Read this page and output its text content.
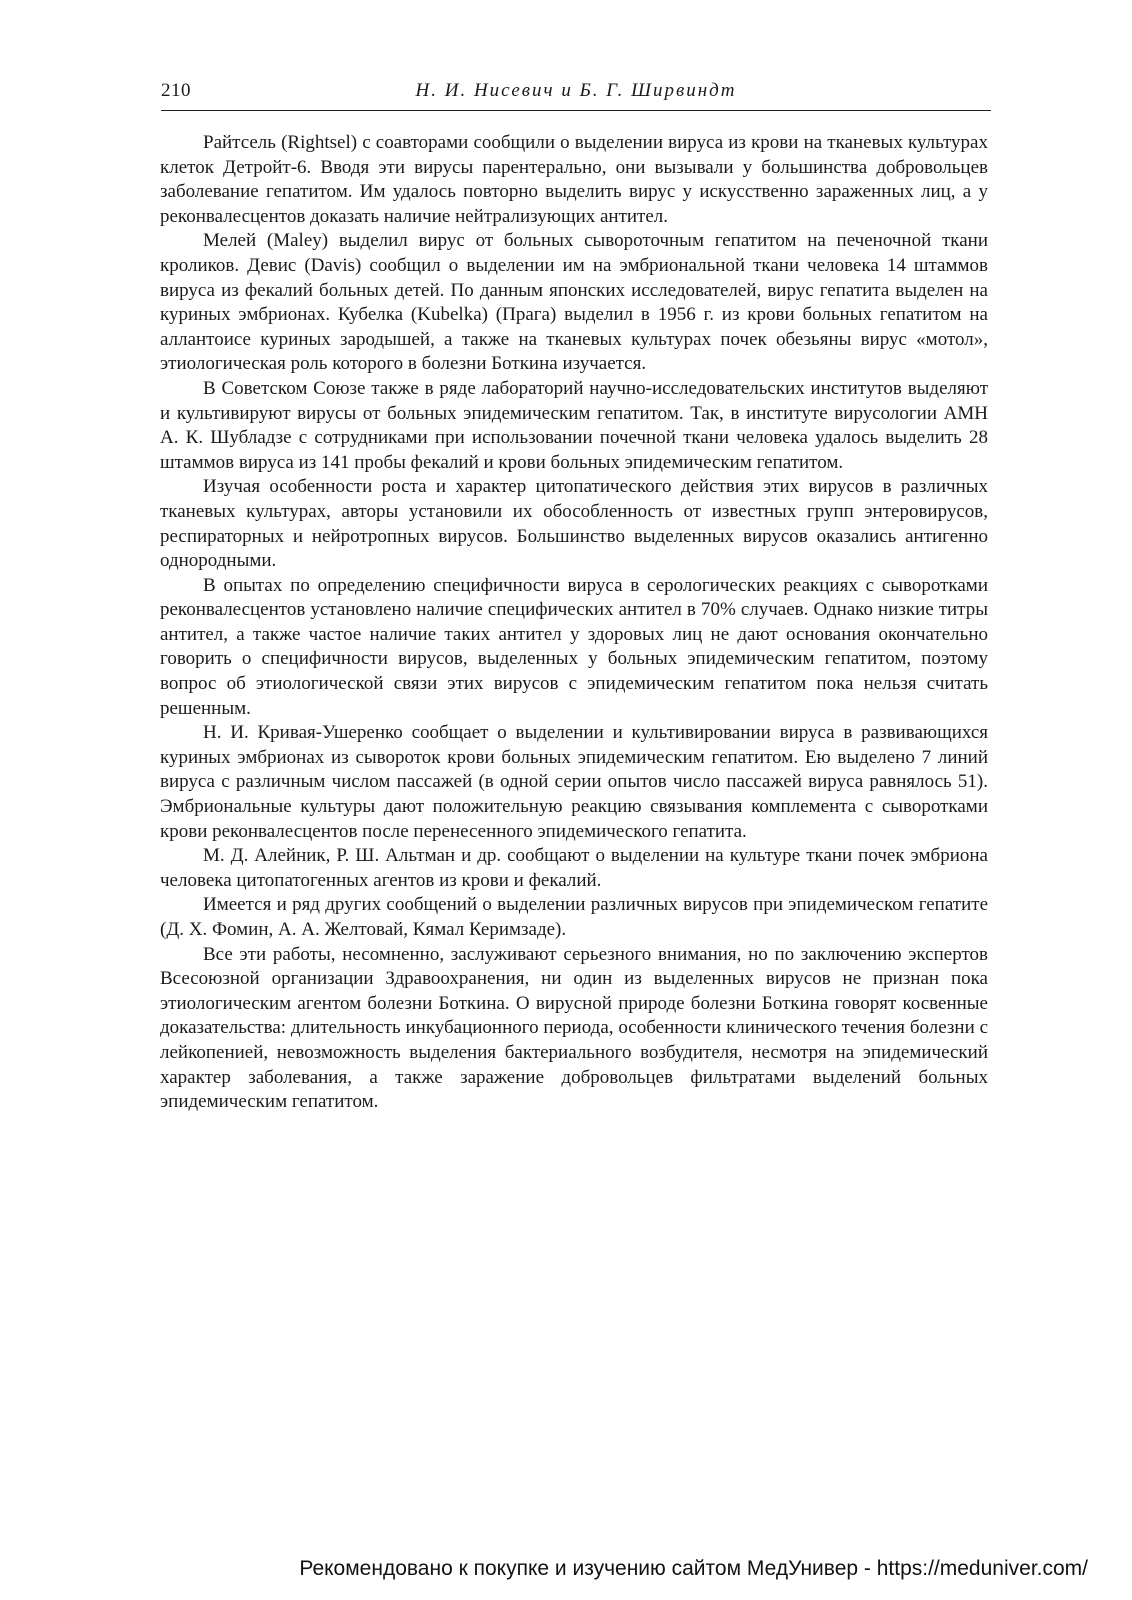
210	Н. И. Нисевич и Б. Г. Ширвиндт

Райтсель (Rightsel) с соавторами сообщили о выделении вируса из крови на тканевых культурах клеток Детройт-6. Вводя эти вирусы парентерально, они вызывали у большинства добровольцев заболевание гепатитом. Им удалось повторно выделить вирус у искусственно зараженных лиц, а у реконвалесцентов доказать наличие нейтрализующих антител.

Мелей (Maley) выделил вирус от больных сывороточным гепатитом на печеночной ткани кроликов. Девис (Davis) сообщил о выделении им на эмбриональной ткани человека 14 штаммов вируса из фекалий больных детей. По данным японских исследователей, вирус гепатита выделен на куриных эмбрионах. Кубелка (Kubelka) (Прага) выделил в 1956 г. из крови больных гепатитом на аллантоисе куриных зародышей, а также на тканевых культурах почек обезьяны вирус «мотол», этиологическая роль которого в болезни Боткина изучается.

В Советском Союзе также в ряде лабораторий научно-исследовательских институтов выделяют и культивируют вирусы от больных эпидемическим гепатитом. Так, в институте вирусологии АМН А. К. Шубладзе с сотрудниками при использовании почечной ткани человека удалось выделить 28 штаммов вируса из 141 пробы фекалий и крови больных эпидемическим гепатитом.

Изучая особенности роста и характер цитопатического действия этих вирусов в различных тканевых культурах, авторы установили их обособленность от известных групп энтеровирусов, респираторных и нейротропных вирусов. Большинство выделенных вирусов оказались антигенно однородными.

В опытах по определению специфичности вируса в серологических реакциях с сыворотками реконвалесцентов установлено наличие специфических антител в 70% случаев. Однако низкие титры антител, а также частое наличие таких антител у здоровых лиц не дают основания окончательно говорить о специфичности вирусов, выделенных у больных эпидемическим гепатитом, поэтому вопрос об этиологической связи этих вирусов с эпидемическим гепатитом пока нельзя считать решенным.

Н. И. Кривая-Ушеренко сообщает о выделении и культивировании вируса в развивающихся куриных эмбрионах из сывороток крови больных эпидемическим гепатитом. Ею выделено 7 линий вируса с различным числом пассажей (в одной серии опытов число пассажей вируса равнялось 51). Эмбриональные культуры дают положительную реакцию связывания комплемента с сыворотками крови реконвалесцентов после перенесенного эпидемического гепатита.

М. Д. Алейник, Р. Ш. Альтман и др. сообщают о выделении на культуре ткани почек эмбриона человека цитопатогенных агентов из крови и фекалий.

Имеется и ряд других сообщений о выделении различных вирусов при эпидемическом гепатите (Д. Х. Фомин, А. А. Желтовай, Кямал Керимзаде).

Все эти работы, несомненно, заслуживают серьезного внимания, но по заключению экспертов Всесоюзной организации Здравоохранения, ни один из выделенных вирусов не признан пока этиологическим агентом болезни Боткина. О вирусной природе болезни Боткина говорят косвенные доказательства: длительность инкубационного периода, особенности клинического течения болезни с лейкопенией, невозможность выделения бактериального возбудителя, несмотря на эпидемический характер заболевания, а также заражение добровольцев фильтратами выделений больных эпидемическим гепатитом.

Рекомендовано к покупке и изучению сайтом МедУнивер - https://meduniver.com/
